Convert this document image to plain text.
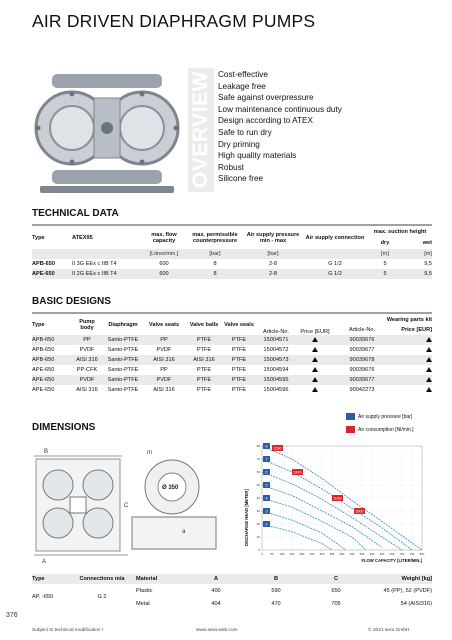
AIR DRIVEN DIAPHRAGM PUMPS
OVERVIEW Cost-effective
Leakage free
Safe against overpressure
Low maintenance continuous duty
Design according to ATEX
Safe to run dry
Dry priming
High quality materials
Robust
Silicone free
TECHNICAL DATA
Type	ATEX95	max. flow capacity	max. permissible counterpressure	Air supply pressure min - max	Air supply connection	max. suction height	
						dry	wet
		[Litres/min.]	[bar]	[bar]		[m]	[m]
APB-650	II 3G EEx c IIB T4	600	8	2-8	G 1/2	5	9,5
APE-650	II 2G EEx c IIB T4	600	8	2-8	G 1/2	5	9,5
BASIC DESIGNS
Type	Pump body	Diaphragm	Valve seats	Valve balls	Valve seals	Article-No.	Price [EUR]	Wearing parts kit	
								Article-No.	Price [EUR]
APB-650	PP	Santo-PTFE	PP	PTFE	PTFE	15004571		90039676	
APB-650	PVDF	Santo-PTFE	PVDF	PTFE	PTFE	15004572		90039677	
APB-650	AISI 316	Santo-PTFE	AISI 316	AISI 316	PTFE	15004573		90039678	
APE-650	PP-CFK	Santo-PTFE	PP	PTFE	PTFE	15004594		90039676	
APE-650	PVDF	Santo-PTFE	PVDF	PTFE	PTFE	15004595		90039677	
APE-650	AISI 316	Santo-PTFE	AISI 316	PTFE	PTFE	15004596		90042273	
DIMENSIONS
B
C
m
Ø 350
a
A
0	50 100 150 200 250 300 350 400 450 500 550 600 650 700 750 800
0
10
20
30
40
50
60
70
80 8
7
6
5
4
3
2
1590
2470
3030
3500
FLOW CAPACITY [LITER/MIN.]
DISCHARGE HEAD [METER]
Type	Connections m/a	Material	A	B	C	Weight [kg]
AP. -650	G 2	Plastic	400	590	650	45 (PP), 52 (PVDF)
		Metal	404	470	705	54 (AISI316)
376
Subject to technical modification !	www.sera-web.com	© 2021 sera GmbH
Air supply pressure [bar]
Air consumption [Nl/min.]
